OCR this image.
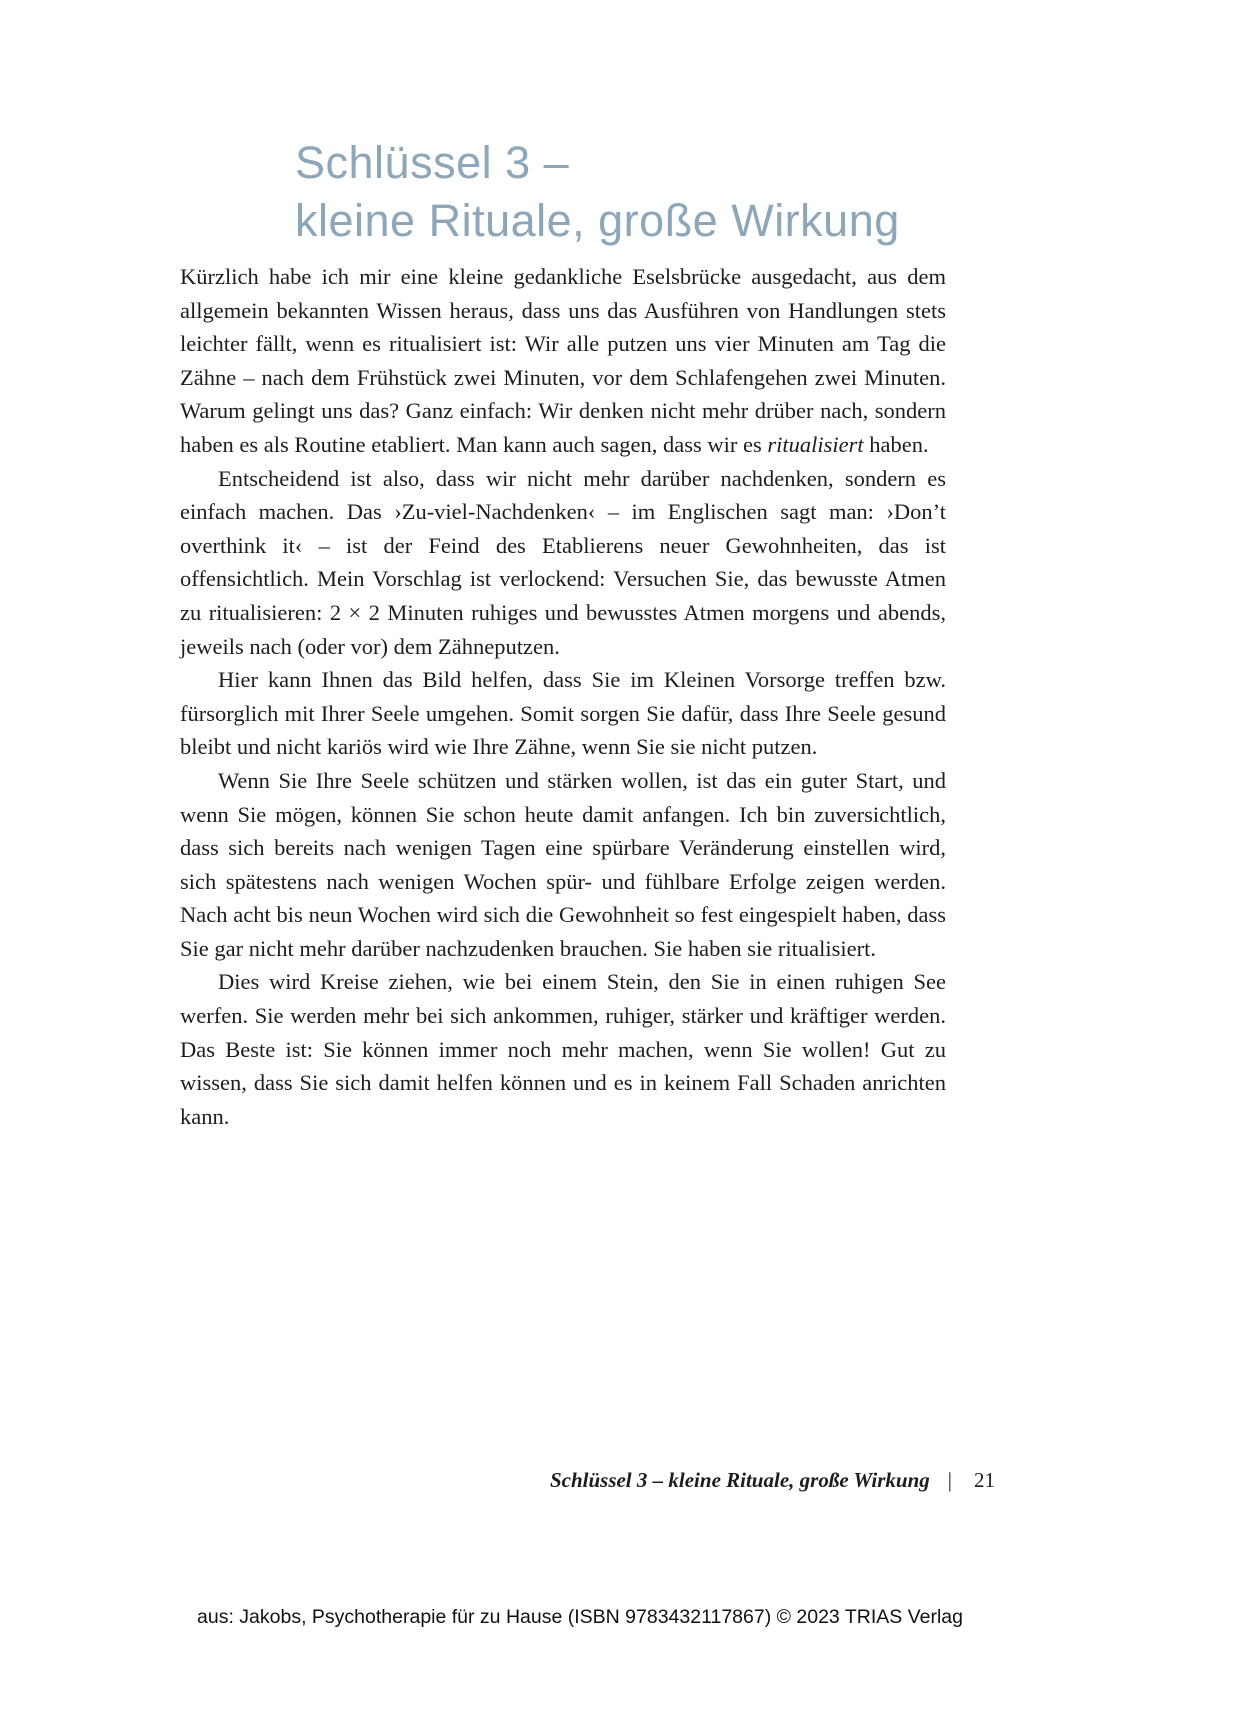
Schlüssel 3 –
kleine Rituale, große Wirkung

Kürzlich habe ich mir eine kleine gedankliche Eselsbrücke ausgedacht, aus dem allgemein bekannten Wissen heraus, dass uns das Ausführen von Handlungen stets leichter fällt, wenn es ritualisiert ist: Wir alle putzen uns vier Minuten am Tag die Zähne – nach dem Frühstück zwei Minuten, vor dem Schlafengehen zwei Minuten. Warum gelingt uns das? Ganz einfach: Wir denken nicht mehr drüber nach, sondern haben es als Routine etabliert. Man kann auch sagen, dass wir es ritualisiert haben.

Entscheidend ist also, dass wir nicht mehr darüber nachdenken, sondern es einfach machen. Das ›Zu-viel-Nachdenken‹ – im Englischen sagt man: ›Don’t overthink it‹ – ist der Feind des Etablierens neuer Gewohnheiten, das ist offensichtlich. Mein Vorschlag ist verlockend: Versuchen Sie, das bewusste Atmen zu ritualisieren: 2 × 2 Minuten ruhiges und bewusstes Atmen morgens und abends, jeweils nach (oder vor) dem Zähneputzen.

Hier kann Ihnen das Bild helfen, dass Sie im Kleinen Vorsorge treffen bzw. fürsorglich mit Ihrer Seele umgehen. Somit sorgen Sie dafür, dass Ihre Seele gesund bleibt und nicht kariös wird wie Ihre Zähne, wenn Sie sie nicht putzen.

Wenn Sie Ihre Seele schützen und stärken wollen, ist das ein guter Start, und wenn Sie mögen, können Sie schon heute damit anfangen. Ich bin zuversichtlich, dass sich bereits nach wenigen Tagen eine spürbare Veränderung einstellen wird, sich spätestens nach wenigen Wochen spür- und fühlbare Erfolge zeigen werden. Nach acht bis neun Wochen wird sich die Gewohnheit so fest eingespielt haben, dass Sie gar nicht mehr darüber nachzudenken brauchen. Sie haben sie ritualisiert.

Dies wird Kreise ziehen, wie bei einem Stein, den Sie in einen ruhigen See werfen. Sie werden mehr bei sich ankommen, ruhiger, stärker und kräftiger werden. Das Beste ist: Sie können immer noch mehr machen, wenn Sie wollen! Gut zu wissen, dass Sie sich damit helfen können und es in keinem Fall Schaden anrichten kann.

Schlüssel 3 – kleine Rituale, große Wirkung | 21
aus: Jakobs, Psychotherapie für zu Hause (ISBN 9783432117867) © 2023 TRIAS Verlag
